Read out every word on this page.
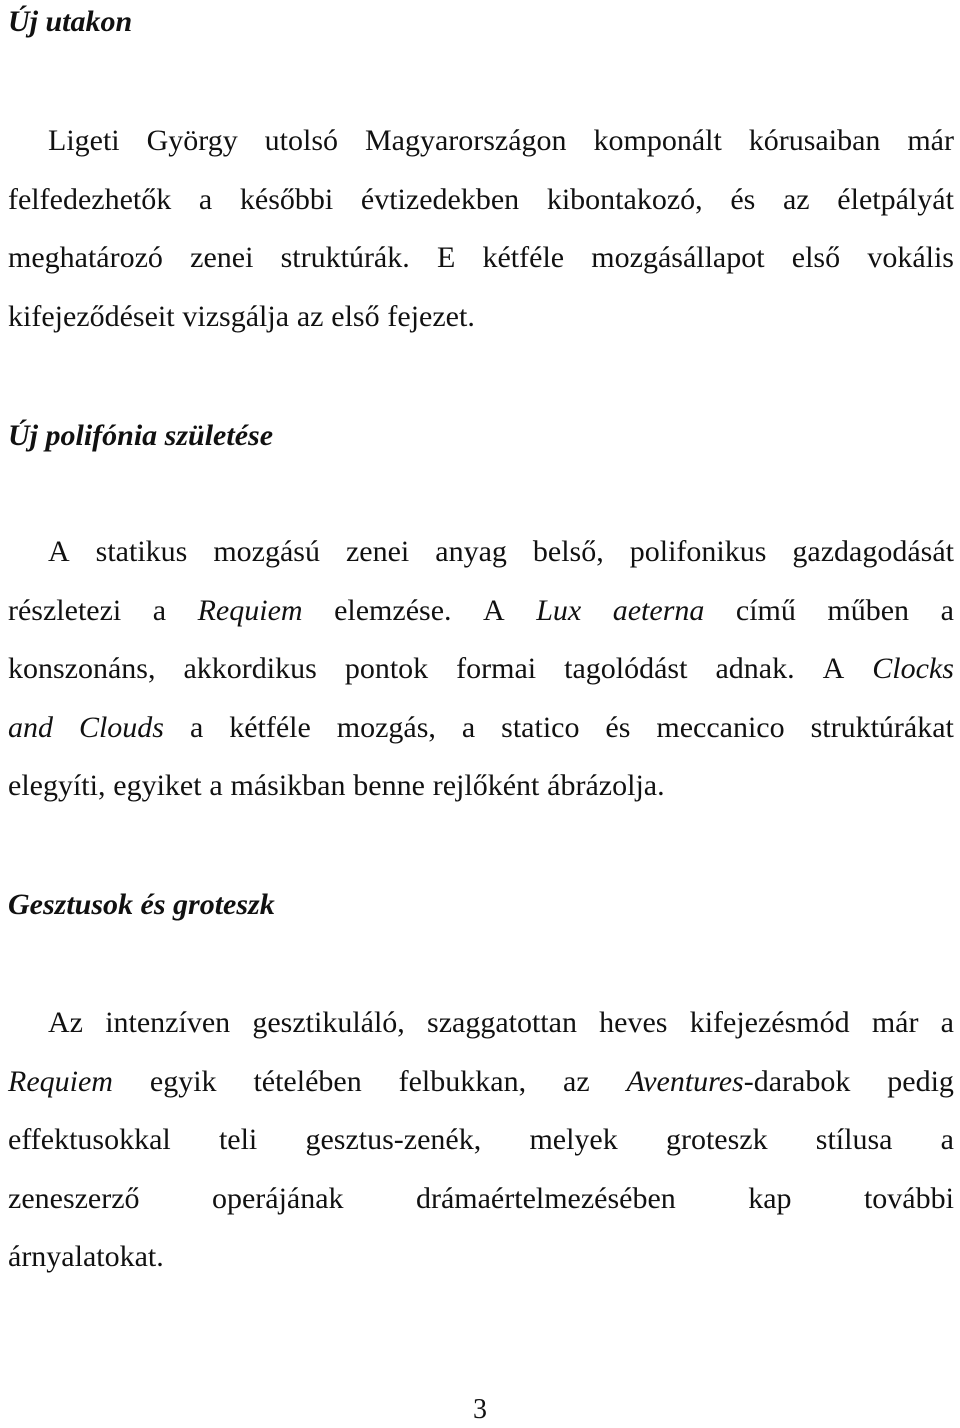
Új utakon
Ligeti György utolsó Magyarországon komponált kórusaiban már
felfedezhetők a későbbi évtizedekben kibontakozó, és az életpályát
meghatározó zenei struktúrák. E kétféle mozgásállapot első vokális
kifejeződéseit vizsgálja az első fejezet.
Új polifónia születése
A statikus mozgású zenei anyag belső, polifonikus gazdagodását
részletezi a Requiem elemzése. A Lux aeterna című műben a
konszonáns, akkordikus pontok formai tagolódást adnak. A Clocks
and Clouds a kétféle mozgás, a statico és meccanico struktúrákat
elegyíti, egyiket a másikban benne rejlőként ábrázolja.
Gesztusok és groteszk
Az intenzíven gesztikuláló, szaggatottan heves kifejezésmód már a
Requiem egyik tételében felbukkan, az Aventures-darabok pedig
effektusokkal teli gesztus-zenék, melyek groteszk stílusa a
zeneszerző operájának drámaértelmezésében kap további
árnyalatokat.
3
